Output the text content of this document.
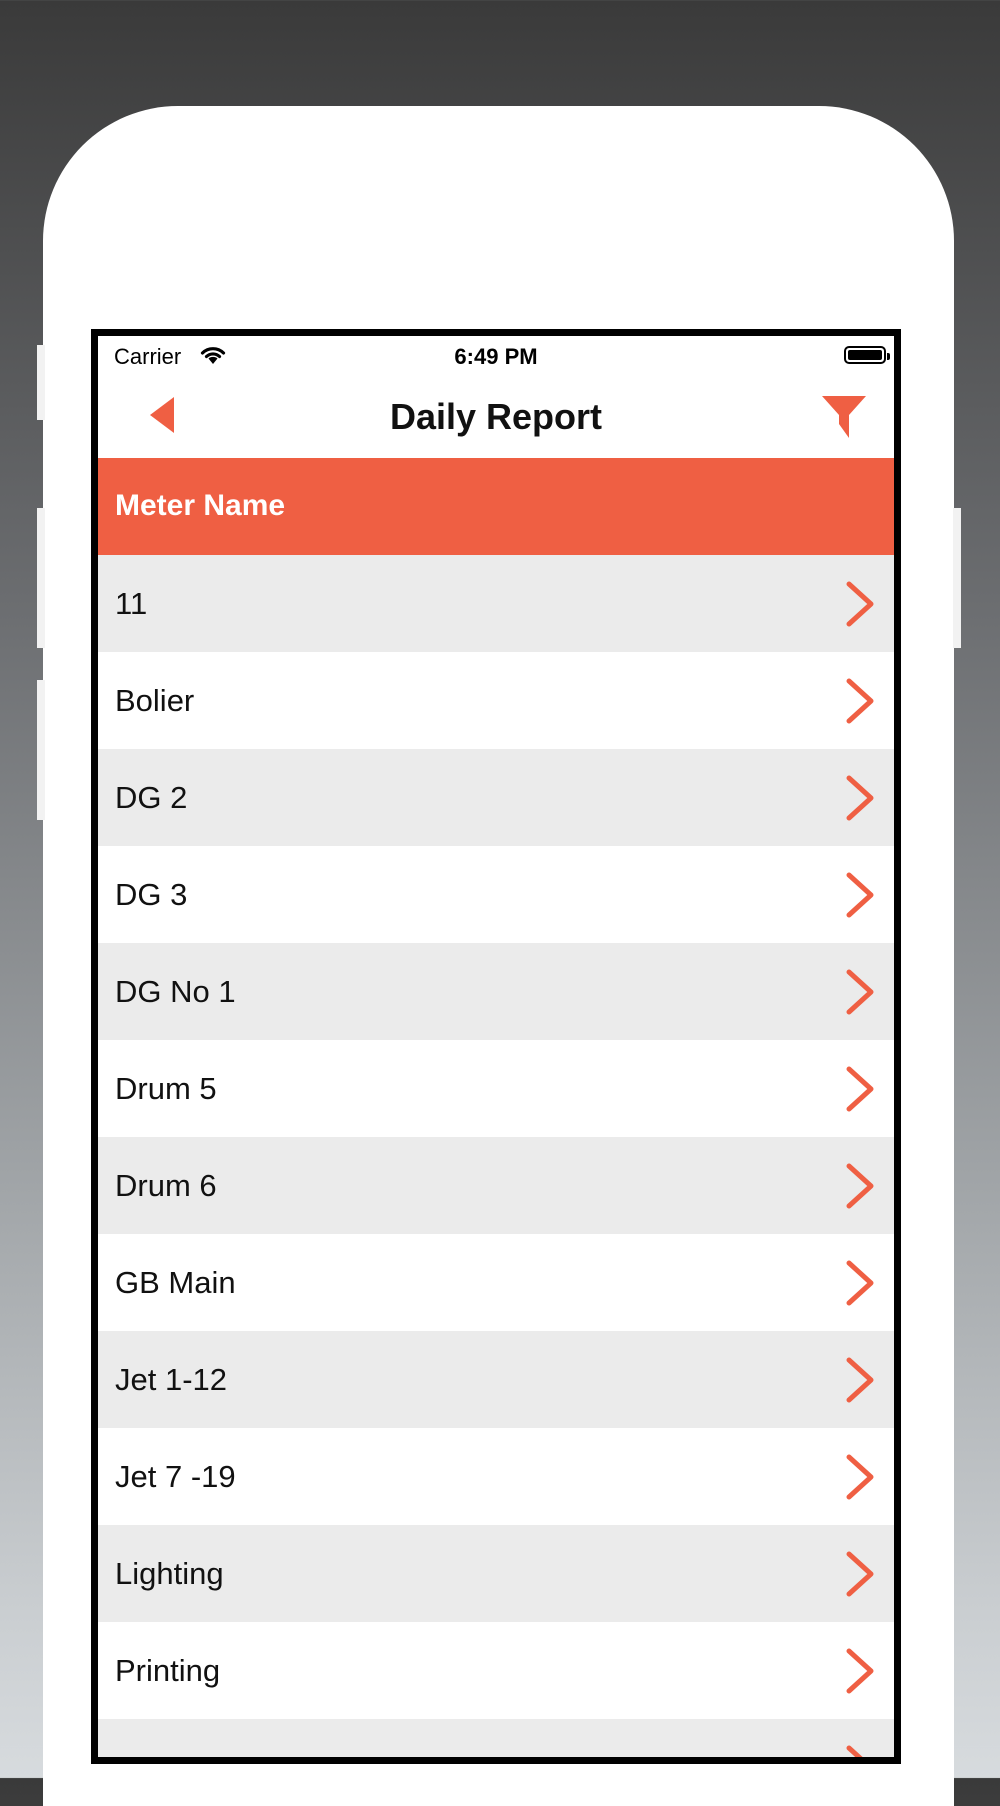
Carrier	6:49 PM
Daily Report
Meter Name
11
Bolier
DG 2
DG 3
DG No 1
Drum 5
Drum 6
GB Main
Jet 1-12
Jet 7 -19
Lighting
Printing
